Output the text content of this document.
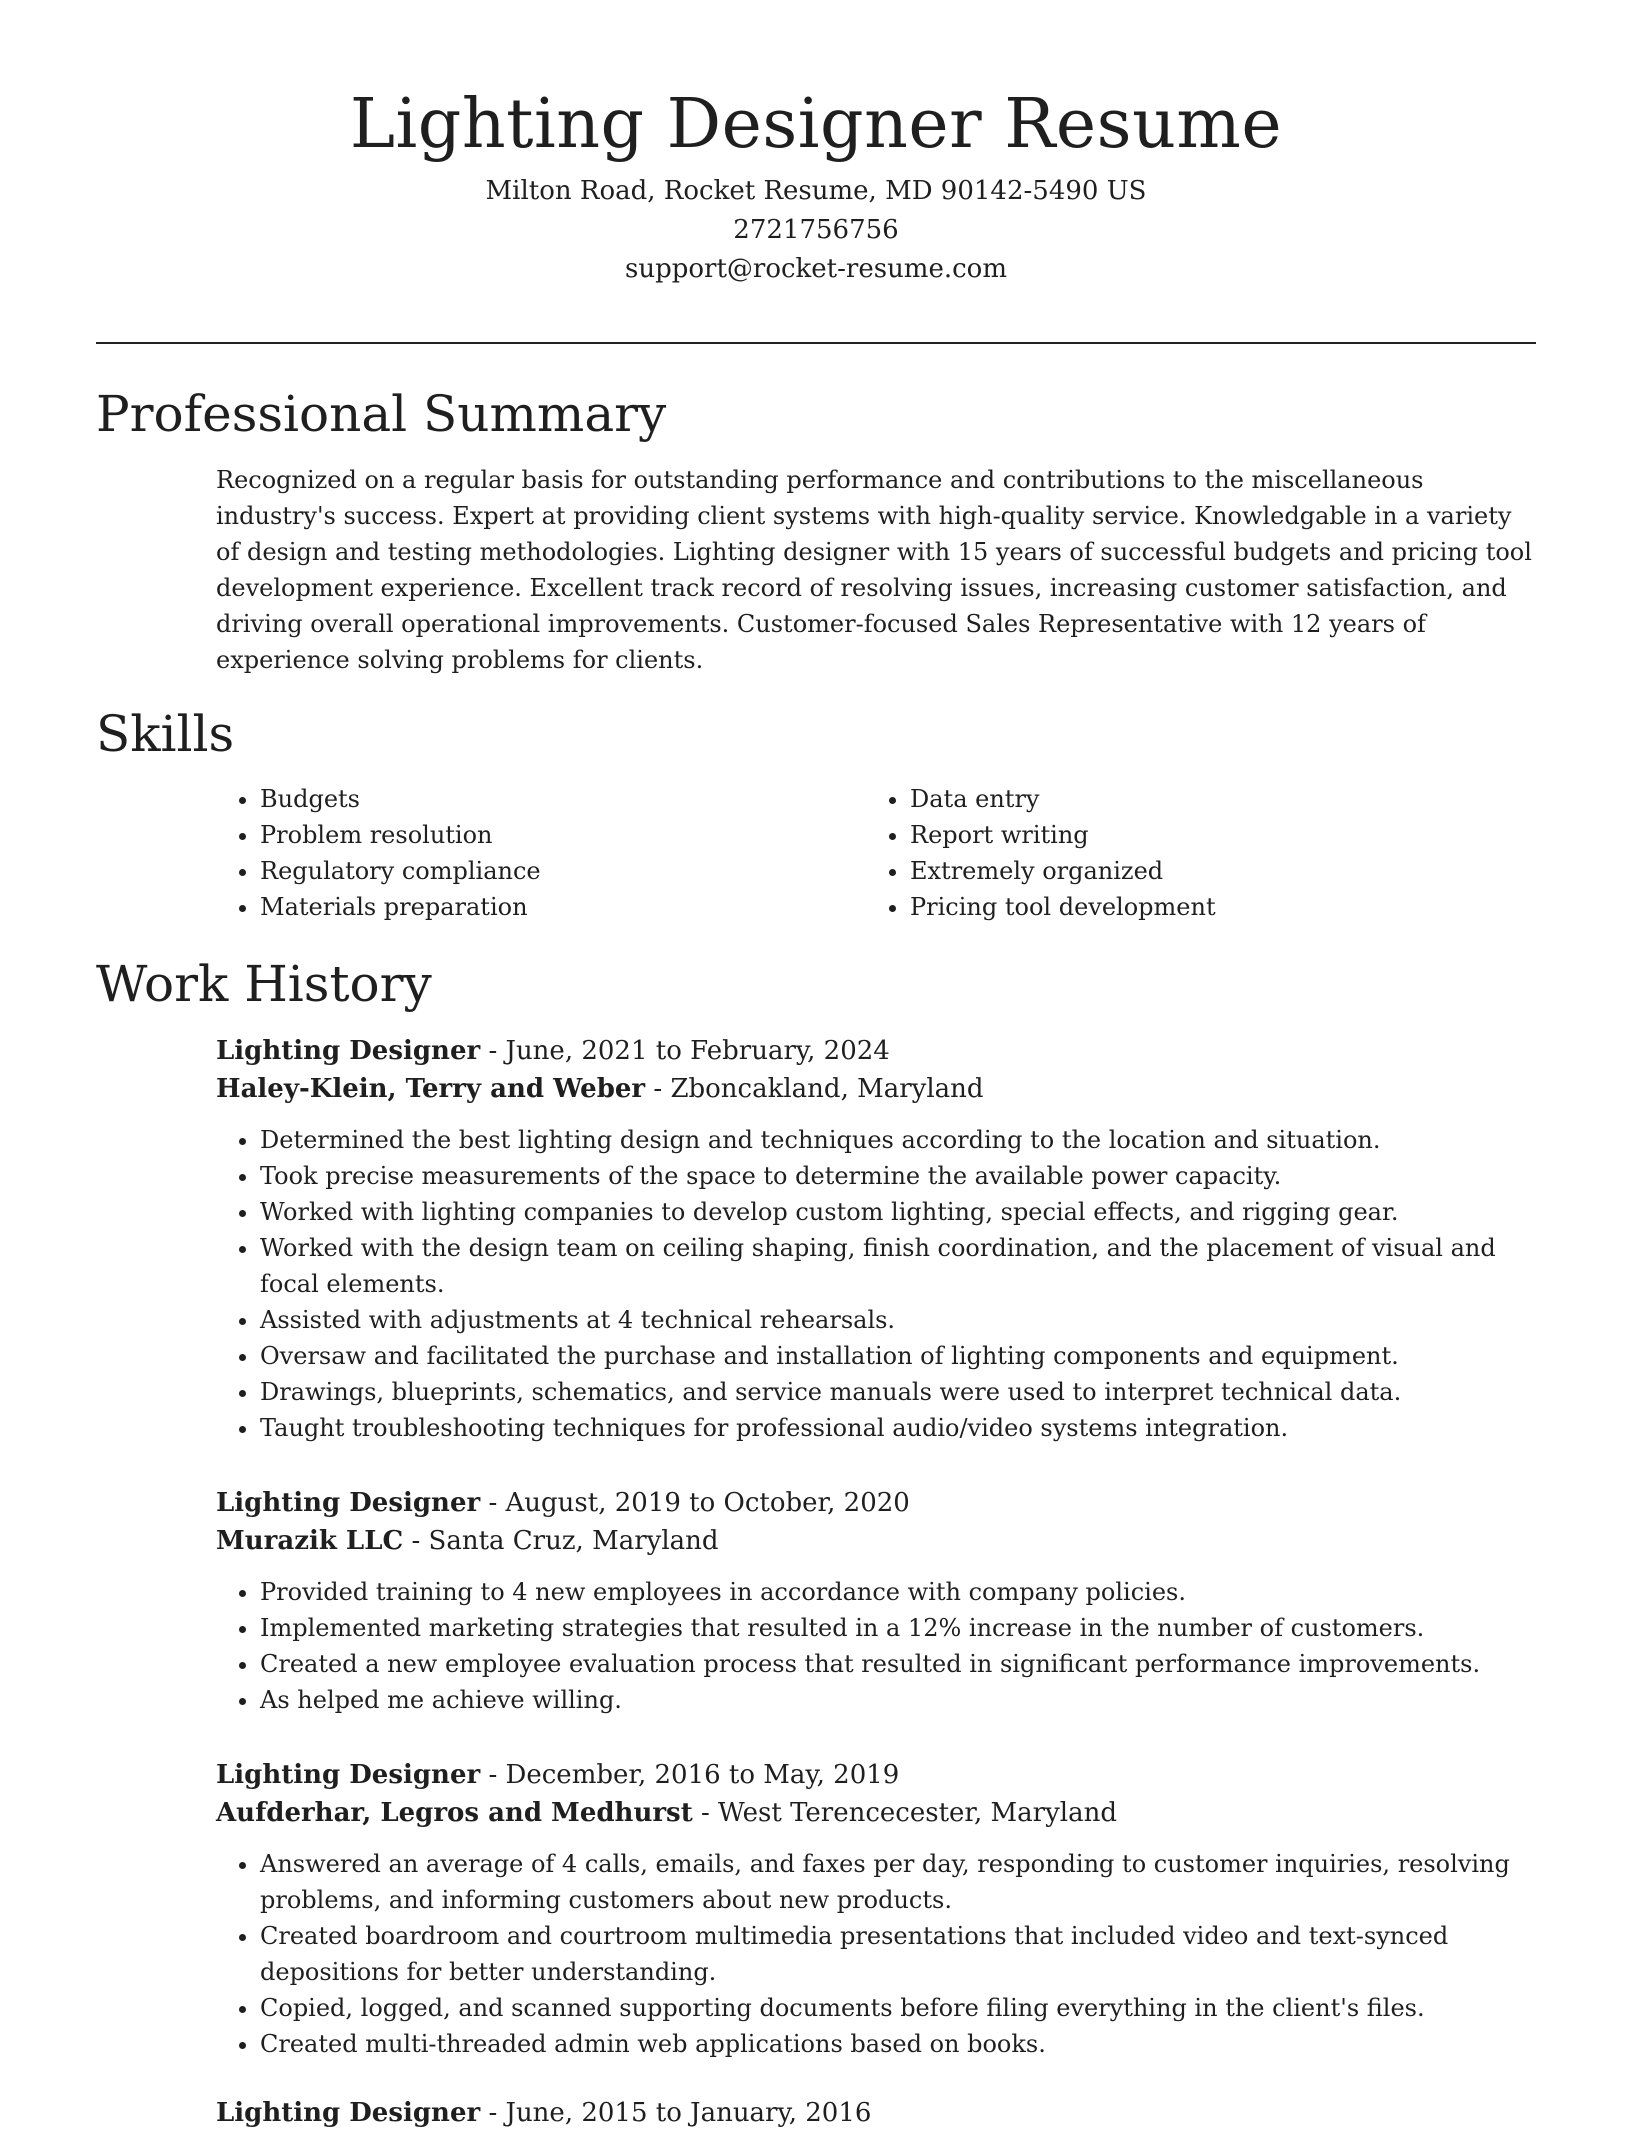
Lighting Designer Resume

Milton Road, Rocket Resume, MD 90142-5490 US

2721756756

support@rocket-resume.com

Professional Summary

Recognized on a regular basis for outstanding performance and contributions to the miscellaneous industry's success. Expert at providing client systems with high-quality service. Knowledgable in a variety of design and testing methodologies. Lighting designer with 15 years of successful budgets and pricing tool development experience. Excellent track record of resolving issues, increasing customer satisfaction, and driving overall operational improvements. Customer-focused Sales Representative with 12 years of experience solving problems for clients.

Skills
• Budgets
• Problem resolution
• Regulatory compliance
• Materials preparation
• Data entry
• Report writing
• Extremely organized
• Pricing tool development
Work History

Lighting Designer - June, 2021 to February, 2024

Haley-Klein, Terry and Weber - Zboncakland, Maryland

• Determined the best lighting design and techniques according to the location and situation.
• Took precise measurements of the space to determine the available power capacity.
• Worked with lighting companies to develop custom lighting, special effects, and rigging gear.
• Worked with the design team on ceiling shaping, finish coordination, and the placement of visual and focal elements.
• Assisted with adjustments at 4 technical rehearsals.
• Oversaw and facilitated the purchase and installation of lighting components and equipment.
• Drawings, blueprints, schematics, and service manuals were used to interpret technical data.
• Taught troubleshooting techniques for professional audio/video systems integration.

Lighting Designer - August, 2019 to October, 2020

Murazik LLC - Santa Cruz, Maryland

• Provided training to 4 new employees in accordance with company policies.
• Implemented marketing strategies that resulted in a 12% increase in the number of customers.
• Created a new employee evaluation process that resulted in significant performance improvements.
• As helped me achieve willing.

Lighting Designer - December, 2016 to May, 2019

Aufderhar, Legros and Medhurst - West Terencecester, Maryland

• Answered an average of 4 calls, emails, and faxes per day, responding to customer inquiries, resolving problems, and informing customers about new products.
• Created boardroom and courtroom multimedia presentations that included video and text-synced depositions for better understanding.
• Copied, logged, and scanned supporting documents before filing everything in the client's files.
• Created multi-threaded admin web applications based on books.

Lighting Designer - June, 2015 to January, 2016
